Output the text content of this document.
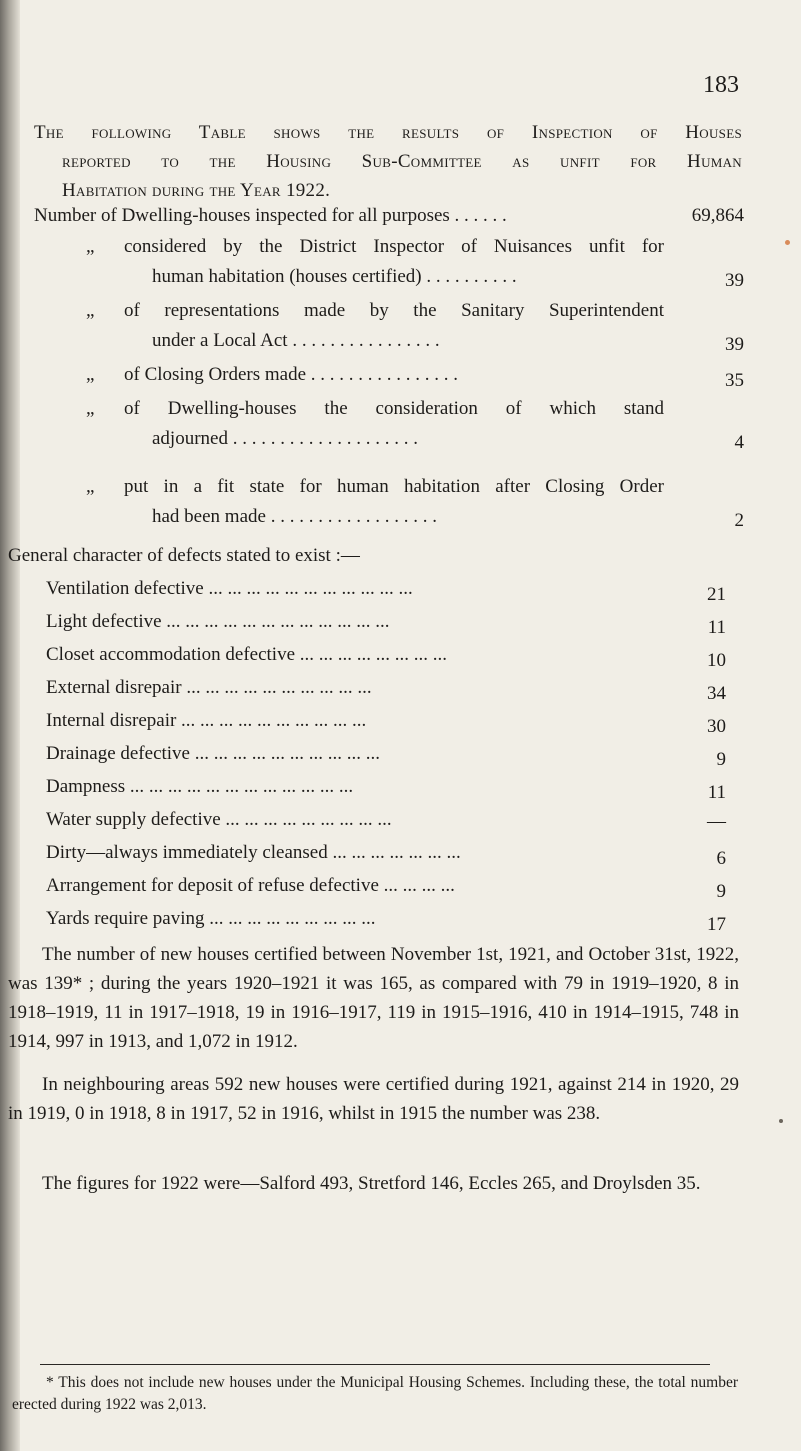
183
The following Table shows the results of Inspection of Houses
reported to the Housing Sub-Committee as unfit for Human
Habitation during the Year 1922.
Number of Dwelling-houses inspected for all purposes . . . . . .	69,864
„ considered by the District Inspector of Nuisances unfit for
human habitation (houses certified) . . . . . . . . . .	39
„ of representations made by the Sanitary Superintendent
under a Local Act . . . . . . . . . . . . . . . .	39
„ of Closing Orders made . . . . . . . . . . . . . . . .	35
„ of Dwelling-houses the consideration of which stand
adjourned . . . . . . . . . . . . . . . . . . . .	4
„ put in a fit state for human habitation after Closing Order
had been made . . . . . . . . . . . . . . . . . .	2
General character of defects stated to exist :—
Ventilation defective ... ... ... ... ... ... ... ... ... ... ...	21
Light defective ... ... ... ... ... ... ... ... ... ... ... ...	11
Closet accommodation defective ... ... ... ... ... ... ... ...	10
External disrepair ... ... ... ... ... ... ... ... ... ...	34
Internal disrepair ... ... ... ... ... ... ... ... ... ...	30
Drainage defective ... ... ... ... ... ... ... ... ... ...	9
Dampness ... ... ... ... ... ... ... ... ... ... ... ...	11
Water supply defective ... ... ... ... ... ... ... ... ...	—
Dirty—always immediately cleansed ... ... ... ... ... ... ...	6
Arrangement for deposit of refuse defective ... ... ... ...	9
Yards require paving ... ... ... ... ... ... ... ... ...	17
The number of new houses certified between November 1st, 1921, and October 31st, 1922, was 139* ; during the years 1920–1921 it was 165, as compared with 79 in 1919–1920, 8 in 1918–1919, 11 in 1917–1918, 19 in 1916–1917, 119 in 1915–1916, 410 in 1914–1915, 748 in 1914, 997 in 1913, and 1,072 in 1912.
In neighbouring areas 592 new houses were certified during 1921, against 214 in 1920, 29 in 1919, 0 in 1918, 8 in 1917, 52 in 1916, whilst in 1915 the number was 238.
The figures for 1922 were—Salford 493, Stretford 146, Eccles 265, and Droylsden 35.
* This does not include new houses under the Municipal Housing Schemes. Including these, the total number erected during 1922 was 2,013.
